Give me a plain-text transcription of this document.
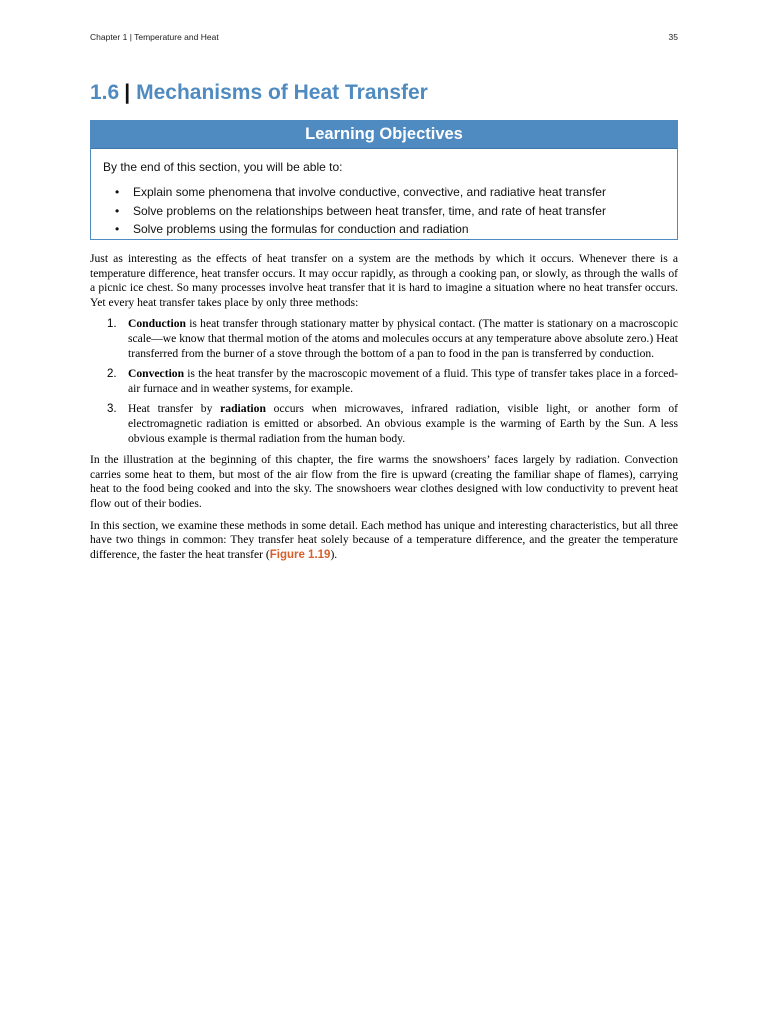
Chapter 1 | Temperature and Heat	35
1.6 | Mechanisms of Heat Transfer
Learning Objectives
By the end of this section, you will be able to:
• Explain some phenomena that involve conductive, convective, and radiative heat transfer
• Solve problems on the relationships between heat transfer, time, and rate of heat transfer
• Solve problems using the formulas for conduction and radiation

Just as interesting as the effects of heat transfer on a system are the methods by which it occurs. Whenever there is a temperature difference, heat transfer occurs. It may occur rapidly, as through a cooking pan, or slowly, as through the walls of a picnic ice chest. So many processes involve heat transfer that it is hard to imagine a situation where no heat transfer occurs. Yet every heat transfer takes place by only three methods:

1. Conduction is heat transfer through stationary matter by physical contact. (The matter is stationary on a macroscopic scale—we know that thermal motion of the atoms and molecules occurs at any temperature above absolute zero.) Heat transferred from the burner of a stove through the bottom of a pan to food in the pan is transferred by conduction.
2. Convection is the heat transfer by the macroscopic movement of a fluid. This type of transfer takes place in a forced-air furnace and in weather systems, for example.
3. Heat transfer by radiation occurs when microwaves, infrared radiation, visible light, or another form of electromagnetic radiation is emitted or absorbed. An obvious example is the warming of Earth by the Sun. A less obvious example is thermal radiation from the human body.

In the illustration at the beginning of this chapter, the fire warms the snowshoers’ faces largely by radiation. Convection carries some heat to them, but most of the air flow from the fire is upward (creating the familiar shape of flames), carrying heat to the food being cooked and into the sky. The snowshoers wear clothes designed with low conductivity to prevent heat flow out of their bodies.

In this section, we examine these methods in some detail. Each method has unique and interesting characteristics, but all three have two things in common: They transfer heat solely because of a temperature difference, and the greater the temperature difference, the faster the heat transfer (Figure 1.19).
